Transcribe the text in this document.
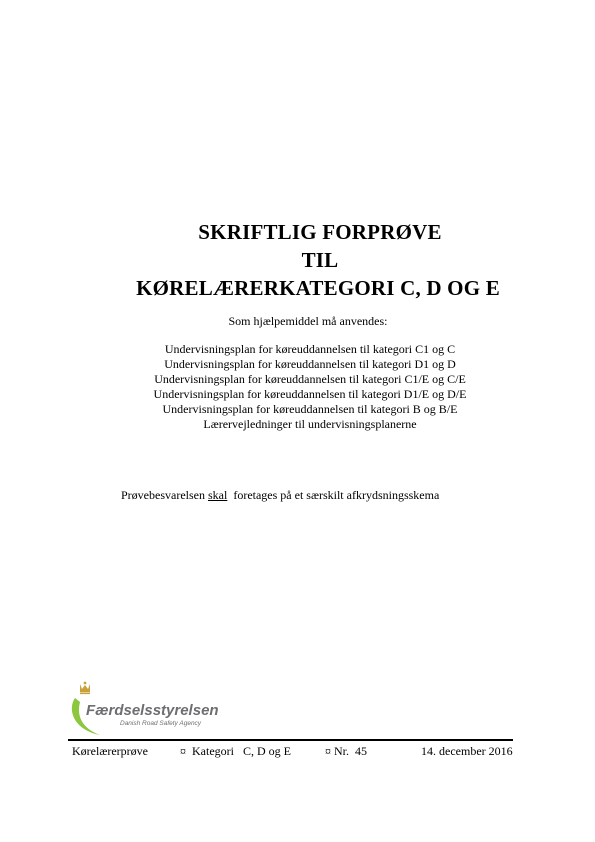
SKRIFTLIG FORPRØVE
TIL
KØRELÆRERKATEGORI C, D OG E
Som hjælpemiddel må anvendes:
Undervisningsplan for køreuddannelsen til kategori C1 og C
Undervisningsplan for køreuddannelsen til kategori D1 og D
Undervisningsplan for køreuddannelsen til kategori C1/E og C/E
Undervisningsplan for køreuddannelsen til kategori D1/E og D/E
Undervisningsplan for køreuddannelsen til kategori B og B/E
Lærervejledninger til undervisningsplanerne
Prøvebesvarelsen skal  foretages på et særskilt afkrydsningsskema
Færdselsstyrelsen
Danish Road Safety Agency
Kørelærerprøve	¤  Kategori C, D og E	¤ Nr.  45	14. december 2016
